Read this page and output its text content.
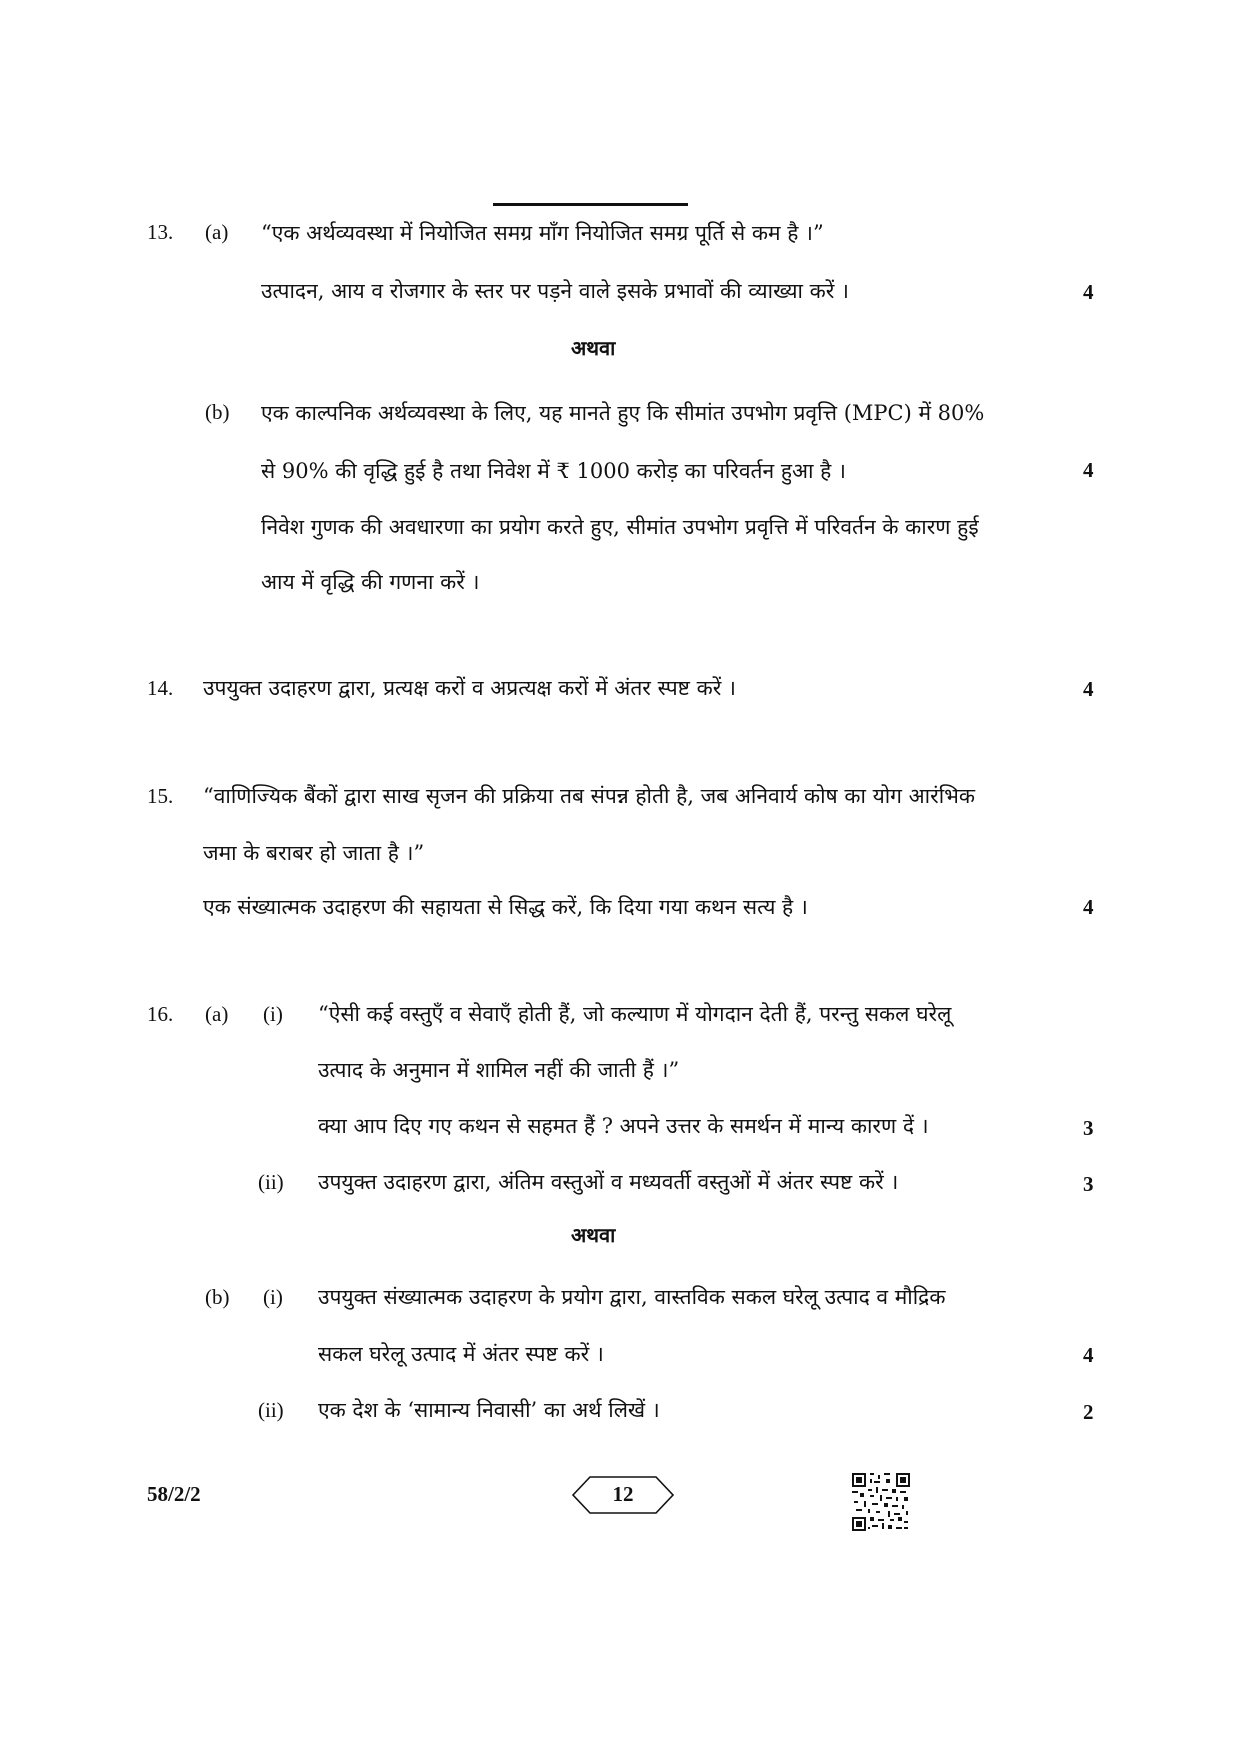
13. (a) “एक अर्थव्यवस्था में नियोजित समग्र माँग नियोजित समग्र पूर्ति से कम है ।”
उत्पादन, आय व रोजगार के स्तर पर पड़ने वाले इसके प्रभावों की व्याख्या करें ।	4
अथवा
(b) एक काल्पनिक अर्थव्यवस्था के लिए, यह मानते हुए कि सीमांत उपभोग प्रवृत्ति (MPC) में 80%
से 90% की वृद्धि हुई है तथा निवेश में ₹ 1000 करोड़ का परिवर्तन हुआ है ।	4
निवेश गुणक की अवधारणा का प्रयोग करते हुए, सीमांत उपभोग प्रवृत्ति में परिवर्तन के कारण हुई
आय में वृद्धि की गणना करें ।
14. उपयुक्त उदाहरण द्वारा, प्रत्यक्ष करों व अप्रत्यक्ष करों में अंतर स्पष्ट करें ।	4
15. “वाणिज्यिक बैंकों द्वारा साख सृजन की प्रक्रिया तब संपन्न होती है, जब अनिवार्य कोष का योग आरंभिक
जमा के बराबर हो जाता है ।”
एक संख्यात्मक उदाहरण की सहायता से सिद्ध करें, कि दिया गया कथन सत्य है ।	4
16. (a) (i) “ऐसी कई वस्तुएँ व सेवाएँ होती हैं, जो कल्याण में योगदान देती हैं, परन्तु सकल घरेलू
उत्पाद के अनुमान में शामिल नहीं की जाती हैं ।”
क्या आप दिए गए कथन से सहमत हैं ? अपने उत्तर के समर्थन में मान्य कारण दें ।	3
(ii) उपयुक्त उदाहरण द्वारा, अंतिम वस्तुओं व मध्यवर्ती वस्तुओं में अंतर स्पष्ट करें ।	3
अथवा
(b) (i) उपयुक्त संख्यात्मक उदाहरण के प्रयोग द्वारा, वास्तविक सकल घरेलू उत्पाद व मौद्रिक
सकल घरेलू उत्पाद में अंतर स्पष्ट करें ।	4
(ii) एक देश के ‘सामान्य निवासी’ का अर्थ लिखें ।	2
58/2/2	12
